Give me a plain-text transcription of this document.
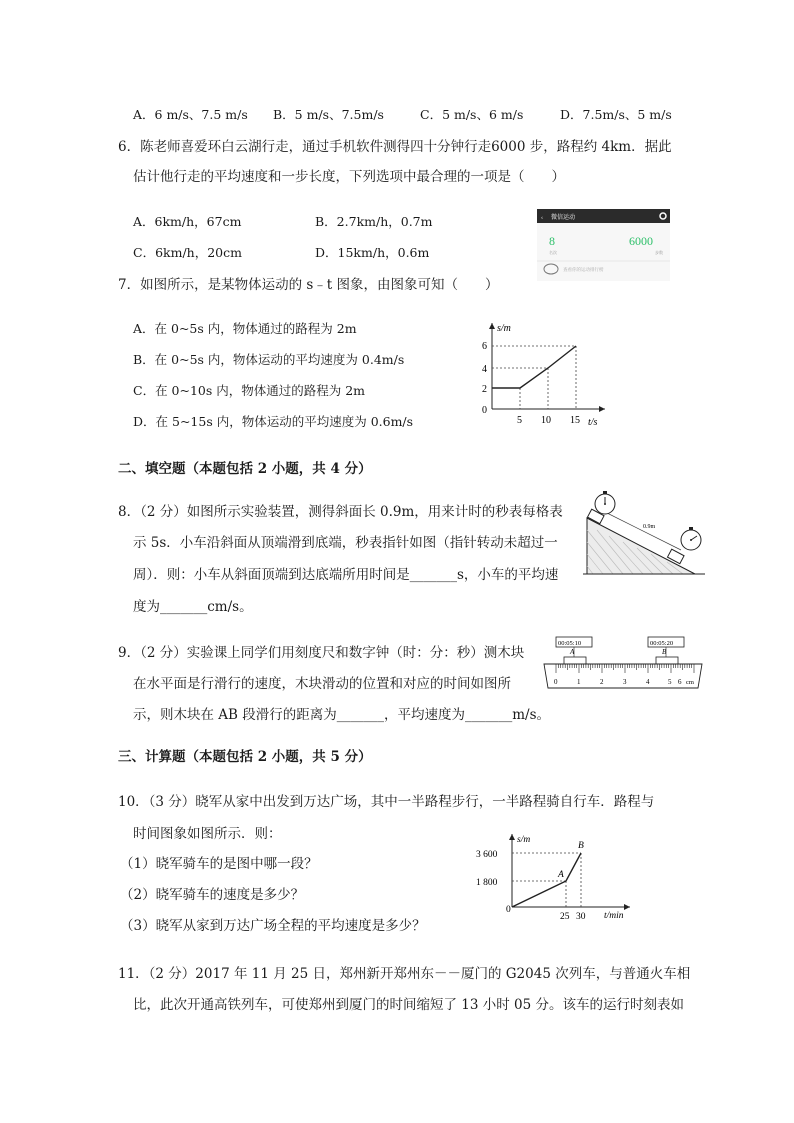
A．6 m/s、7.5 m/s B．5 m/s、7.5m/s	C．5 m/s、6 m/s	D．7.5m/s、5 m/s
6．陈老师喜爱环白云湖行走，通过手机软件测得四十分钟行走6000 步，路程约 4km．据此
估计他行走的平均速度和一步长度，下列选项中最合理的一项是（　　）
A．6km/h，67cm	B．2.7km/h，0.7m
C．6km/h，20cm	D．15km/h，0.6m
‹ 微信运动
8
名次
6000
步数
查看你的运动排行榜
7．如图所示，是某物体运动的 s﹣t 图象，由图象可知（　　）
A．在 0~5s 内，物体通过的路程为 2m
B．在 0~5s 内，物体运动的平均速度为 0.4m/s
C．在 0~10s 内，物体通过的路程为 2m
D．在 5~15s 内，物体运动的平均速度为 0.6m/s
s/m
t/s
0
2
4
6
5 10 15
二、填空题（本题包括 2 小题，共 4 分）
8．（2 分）如图所示实验装置，测得斜面长 0.9m，用来计时的秒表每格表
示 5s．小车沿斜面从顶端滑到底端，秒表指针如图（指针转动未超过一
周）．则：小车从斜面顶端到达底端所用时间是_______s，小车的平均速
度为_______cm/s。
0.9m
9．（2 分）实验课上同学们用刻度尺和数字钟（时：分：秒）测木块
在水平面是行滑行的速度，木块滑动的位置和对应的时间如图所
示，则木块在 AB 段滑行的距离为_______，平均速度为_______m/s。
00:05:10	00:05:20
A	B
0	1	2	3	4	5 6 cm
三、计算题（本题包括 2 小题，共 5 分）
10．（3 分）晓军从家中出发到万达广场，其中一半路程步行，一半路程骑自行车．路程与
时间图象如图所示．则：
（1）晓军骑车的是图中哪一段？
（2）晓军骑车的速度是多少？
（3）晓军从家到万达广场全程的平均速度是多少？
s/m
t/min
0
1 800
3 600
25 30
A
B
11．（2 分）2017 年 11 月 25 日，郑州新开郑州东－－厦门的 G2045 次列车，与普通火车相
比，此次开通高铁列车，可使郑州到厦门的时间缩短了 13 小时 05 分。该车的运行时刻表如
